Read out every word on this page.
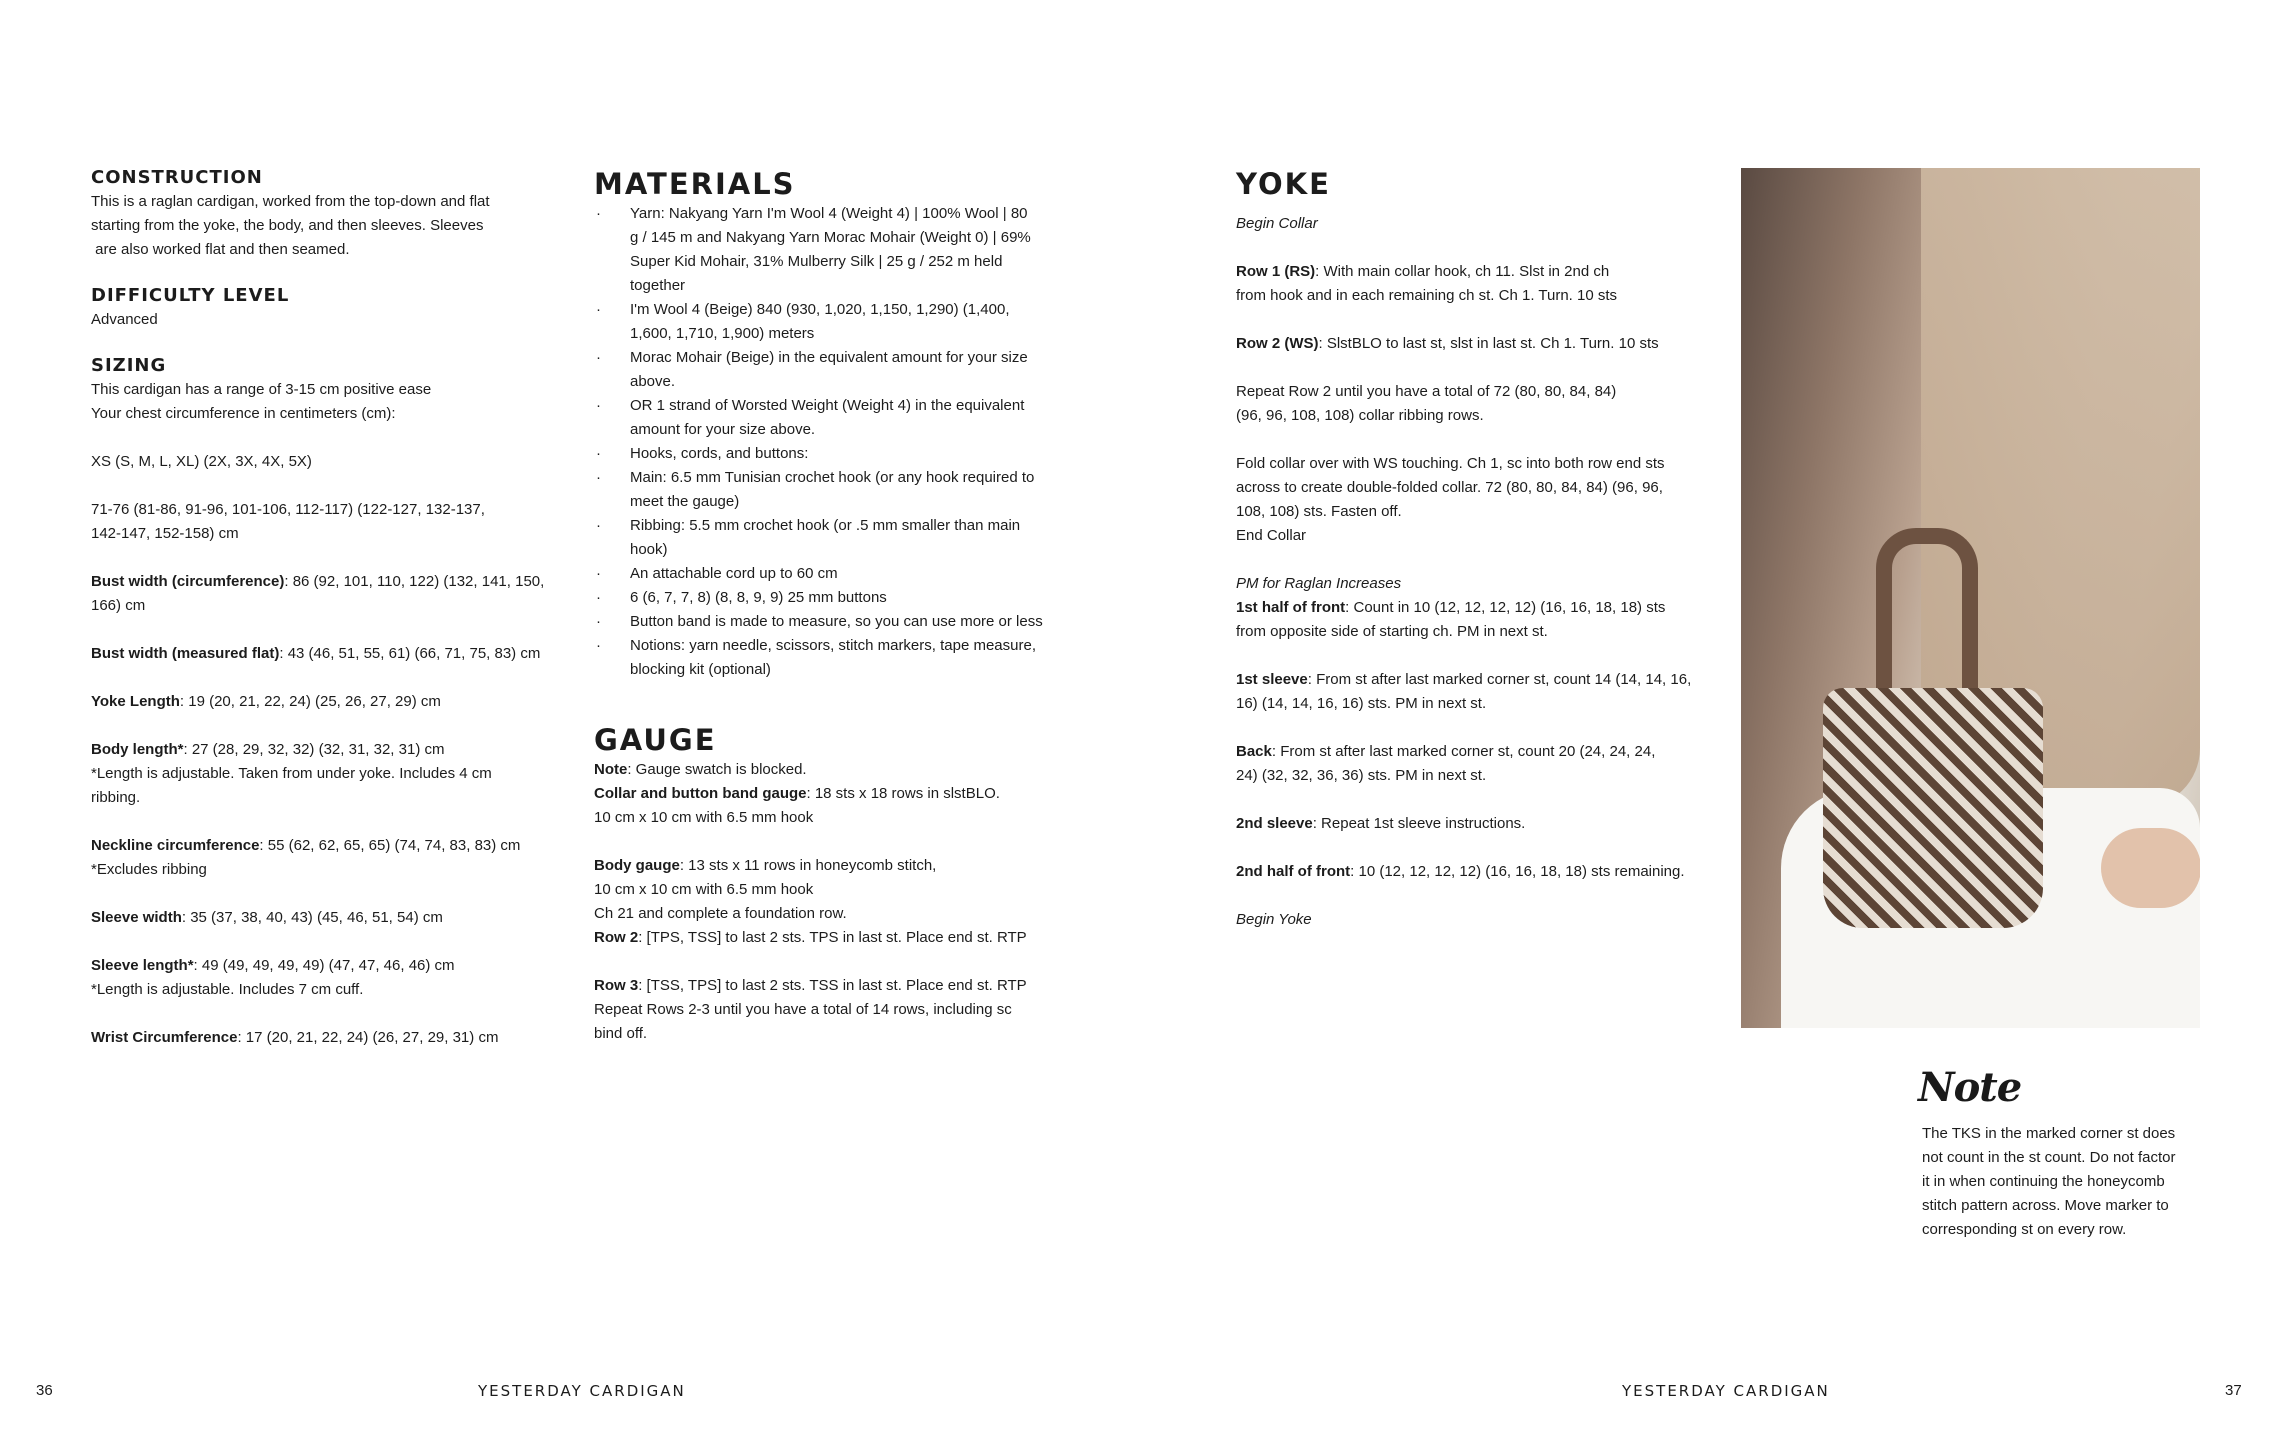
CONSTRUCTION

This is a raglan cardigan, worked from the top-down and flat

starting from the yoke, the body, and then sleeves. Sleeves

are also worked flat and then seamed.

DIFFICULTY LEVEL

Advanced

SIZING

This cardigan has a range of 3-15 cm positive ease

Your chest circumference in centimeters (cm):

XS (S, M, L, XL) (2X, 3X, 4X, 5X)

71-76 (81-86, 91-96, 101-106, 112-117) (122-127, 132-137,

142-147, 152-158) cm

Bust width (circumference): 86 (92, 101, 110, 122) (132, 141, 150,

166) cm

Bust width (measured flat): 43 (46, 51, 55, 61) (66, 71, 75, 83) cm

Yoke Length: 19 (20, 21, 22, 24) (25, 26, 27, 29) cm

Body length*: 27 (28, 29, 32, 32) (32, 31, 32, 31) cm

*Length is adjustable. Taken from under yoke. Includes 4 cm

ribbing.

Neckline circumference: 55 (62, 62, 65, 65) (74, 74, 83, 83) cm

*Excludes ribbing

Sleeve width: 35 (37, 38, 40, 43) (45, 46, 51, 54) cm

Sleeve length*: 49 (49, 49, 49, 49) (47, 47, 46, 46) cm

*Length is adjustable. Includes 7 cm cuff.

Wrist Circumference: 17 (20, 21, 22, 24) (26, 27, 29, 31) cm

MATERIALS
· Yarn: Nakyang Yarn I'm Wool 4 (Weight 4) | 100% Wool | 80
g / 145 m and Nakyang Yarn Morac Mohair (Weight 0) | 69%
Super Kid Mohair, 31% Mulberry Silk | 25 g / 252 m held
together
· I'm Wool 4 (Beige) 840 (930, 1,020, 1,150, 1,290) (1,400,
1,600, 1,710, 1,900) meters
· Morac Mohair (Beige) in the equivalent amount for your size
above.
· OR 1 strand of Worsted Weight (Weight 4) in the equivalent
amount for your size above.
· Hooks, cords, and buttons:
· Main: 6.5 mm Tunisian crochet hook (or any hook required to
meet the gauge)
· Ribbing: 5.5 mm crochet hook (or .5 mm smaller than main
hook)
· An attachable cord up to 60 cm
· 6 (6, 7, 7, 8) (8, 8, 9, 9) 25 mm buttons
· Button band is made to measure, so you can use more or less
· Notions: yarn needle, scissors, stitch markers, tape measure,
blocking kit (optional)
GAUGE

Note: Gauge swatch is blocked.

Collar and button band gauge: 18 sts x 18 rows in slstBLO.

10 cm x 10 cm with 6.5 mm hook

Body gauge: 13 sts x 11 rows in honeycomb stitch,

10 cm x 10 cm with 6.5 mm hook

Ch 21 and complete a foundation row.

Row 2: [TPS, TSS] to last 2 sts. TPS in last st. Place end st. RTP

Row 3: [TSS, TPS] to last 2 sts. TSS in last st. Place end st. RTP

Repeat Rows 2-3 until you have a total of 14 rows, including sc

bind off.

YOKE

Begin Collar

Row 1 (RS): With main collar hook, ch 11. Slst in 2nd ch

from hook and in each remaining ch st. Ch 1. Turn. 10 sts

Row 2 (WS): SlstBLO to last st, slst in last st. Ch 1. Turn. 10 sts

Repeat Row 2 until you have a total of 72 (80, 80, 84, 84)

(96, 96, 108, 108) collar ribbing rows.

Fold collar over with WS touching. Ch 1, sc into both row end sts

across to create double-folded collar. 72 (80, 80, 84, 84) (96, 96,

108, 108) sts. Fasten off.

End Collar

PM for Raglan Increases

1st half of front: Count in 10 (12, 12, 12, 12) (16, 16, 18, 18) sts

from opposite side of starting ch. PM in next st.

1st sleeve: From st after last marked corner st, count 14 (14, 14, 16,

16) (14, 14, 16, 16) sts. PM in next st.

Back: From st after last marked corner st, count 20 (24, 24, 24,

24) (32, 32, 36, 36) sts. PM in next st.

2nd sleeve: Repeat 1st sleeve instructions.

2nd half of front: 10 (12, 12, 12, 12) (16, 16, 18, 18) sts remaining.

Begin Yoke

Note

The TKS in the marked corner st does

not count in the st count. Do not factor

it in when continuing the honeycomb

stitch pattern across. Move marker to

corresponding st on every row.

36	YESTERDAY CARDIGAN	YESTERDAY CARDIGAN	37
